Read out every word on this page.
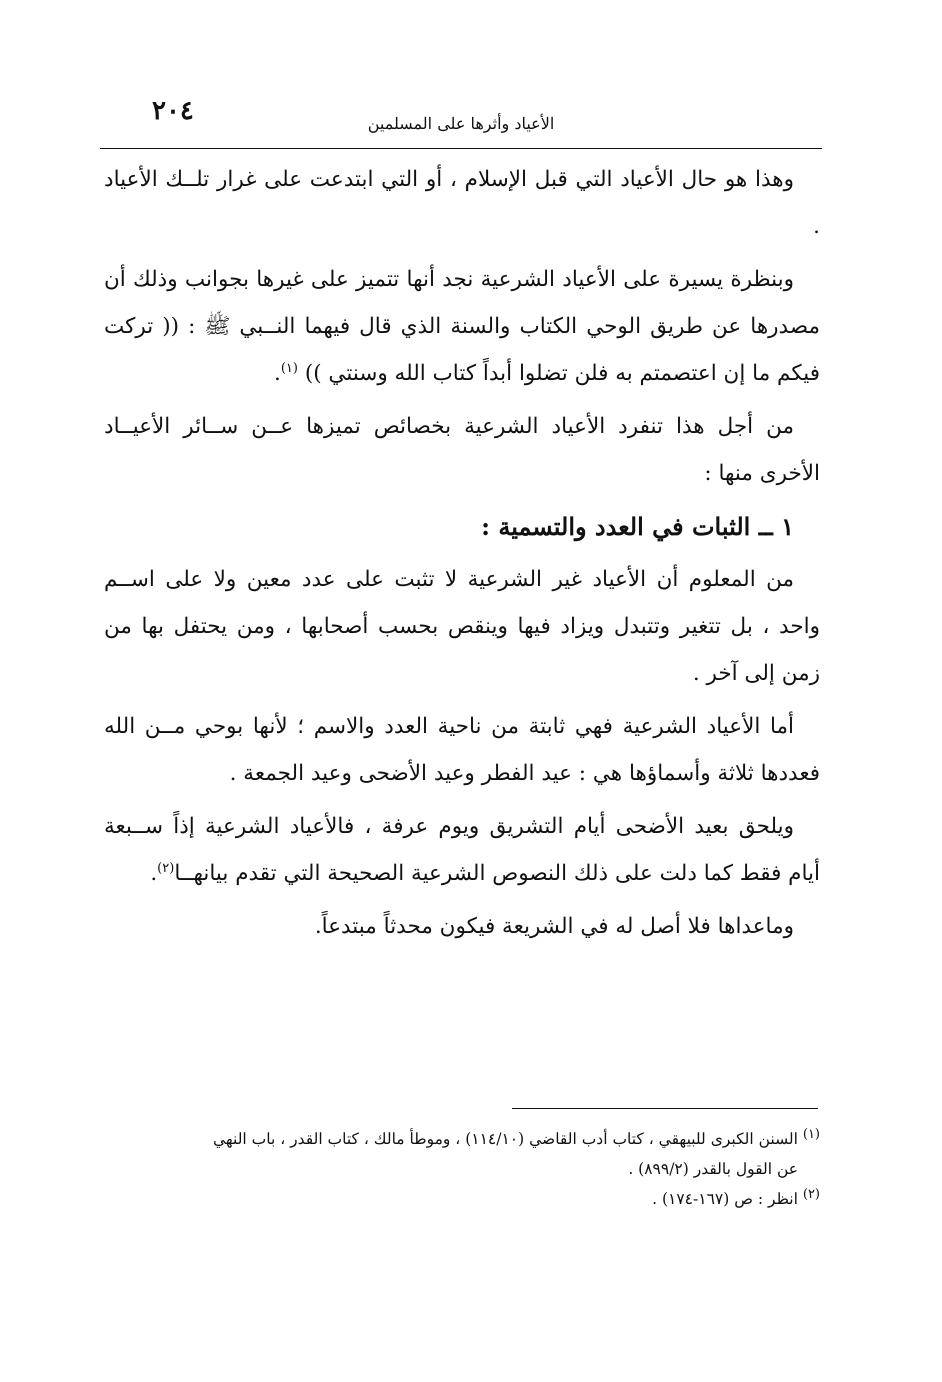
٢٠٤	الأعياد وأثرها على المسلمين

وهذا هو حال الأعياد التي قبل الإسلام ، أو التي ابتدعت على غرار تلــك الأعياد .

وبنظرة يسيرة على الأعياد الشرعية نجد أنها تتميز على غيرها بجوانب وذلك أن مصدرها عن طريق الوحي الكتاب والسنة الذي قال فيهما النــبي ﷺ : (( تركت فيكم ما إن اعتصمتم به فلن تضلوا أبداً كتاب الله وسنتي )) $^{(١)}$.

من أجل هذا تنفرد الأعياد الشرعية بخصائص تميزها عــن ســائر الأعيــاد الأخرى منها :

١ ــ الثبات في العدد والتسمية :

من المعلوم أن الأعياد غير الشرعية لا تثبت على عدد معين ولا على اســم واحد ، بل تتغير وتتبدل ويزاد فيها وينقص بحسب أصحابها ، ومن يحتفل بها من زمن إلى آخر .

أما الأعياد الشرعية فهي ثابتة من ناحية العدد والاسم ؛ لأنها بوحي مــن الله فعددها ثلاثة وأسماؤها هي : عيد الفطر وعيد الأضحى وعيد الجمعة .

ويلحق بعيد الأضحى أيام التشريق ويوم عرفة ، فالأعياد الشرعية إذاً ســبعة أيام فقط كما دلت على ذلك النصوص الشرعية الصحيحة التي تقدم بيانهــا$^{(٢)}$.

وماعداها فلا أصل له في الشريعة فيكون محدثاً مبتدعاً.

$^{(١)}$ السنن الكبرى للبيهقي ، كتاب أدب القاضي (١١٤/١٠) ، وموطأ مالك ، كتاب القدر ، باب النهي

عن القول بالقدر (٨٩٩/٢) .

$^{(٢)}$ انظر : ص (١٦٧-١٧٤) .
